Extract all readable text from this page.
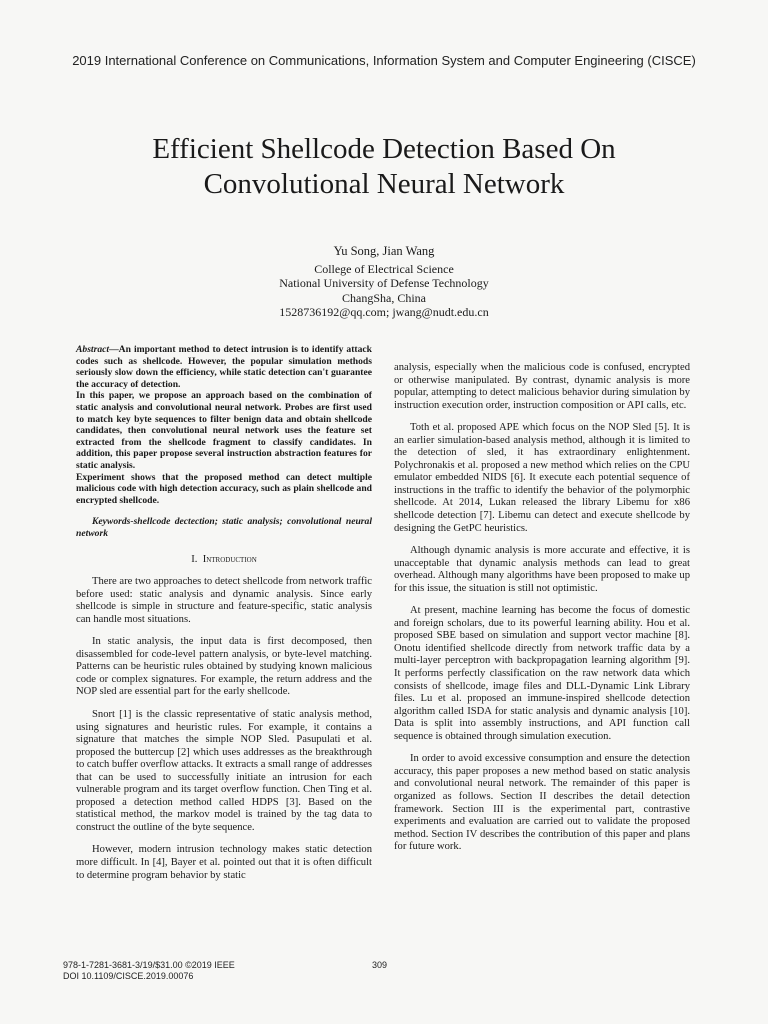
2019 International Conference on Communications, Information System and Computer Engineering (CISCE)
Efficient Shellcode Detection Based On
Convolutional Neural Network
Yu Song, Jian Wang
College of Electrical Science
National University of Defense Technology
ChangSha, China
1528736192@qq.com; jwang@nudt.edu.cn

Abstract—An important method to detect intrusion is to identify attack codes such as shellcode. However, the popular simulation methods seriously slow down the efficiency, while static detection can't guarantee the accuracy of detection.

In this paper, we propose an approach based on the combination of static analysis and convolutional neural network. Probes are first used to match key byte sequences to filter benign data and obtain shellcode candidates, then convolutional neural network uses the feature set extracted from the shellcode fragment to classify candidates. In addition, this paper propose several instruction abstraction features for static analysis.

Experiment shows that the proposed method can detect multiple malicious code with high detection accuracy, such as plain shellcode and encrypted shellcode.

Keywords-shellcode dectection; static analysis; convolutional neural network

I. Introduction

There are two approaches to detect shellcode from network traffic before used: static analysis and dynamic analysis. Since early shellcode is simple in structure and feature-specific, static analysis can handle most situations.

In static analysis, the input data is first decomposed, then disassembled for code-level pattern analysis, or byte-level matching. Patterns can be heuristic rules obtained by studying known malicious code or complex signatures. For example, the return address and the NOP sled are essential part for the early shellcode.

Snort [1] is the classic representative of static analysis method, using signatures and heuristic rules. For example, it contains a signature that matches the simple NOP Sled. Pasupulati et al. proposed the buttercup [2] which uses addresses as the breakthrough to catch buffer overflow attacks. It extracts a small range of addresses that can be used to successfully initiate an intrusion for each vulnerable program and its target overflow function. Chen Ting et al. proposed a detection method called HDPS [3]. Based on the statistical method, the markov model is trained by the tag data to construct the outline of the byte sequence.

However, modern intrusion technology makes static detection more difficult. In [4], Bayer et al. pointed out that it is often difficult to determine program behavior by static

analysis, especially when the malicious code is confused, encrypted or otherwise manipulated. By contrast, dynamic analysis is more popular, attempting to detect malicious behavior during simulation by instruction execution order, instruction composition or API calls, etc.

Toth et al. proposed APE which focus on the NOP Sled [5]. It is an earlier simulation-based analysis method, although it is limited to the detection of sled, it has extraordinary enlightenment. Polychronakis et al. proposed a new method which relies on the CPU emulator embedded NIDS [6]. It execute each potential sequence of instructions in the traffic to identify the behavior of the polymorphic shellcode. At 2014, Lukan released the library Libemu for x86 shellcode detection [7]. Libemu can detect and execute shellcode by designing the GetPC heuristics.

Although dynamic analysis is more accurate and effective, it is unacceptable that dynamic analysis methods can lead to great overhead. Although many algorithms have been proposed to make up for this issue, the situation is still not optimistic.

At present, machine learning has become the focus of domestic and foreign scholars, due to its powerful learning ability. Hou et al. proposed SBE based on simulation and support vector machine [8]. Onotu identified shellcode directly from network traffic data by a multi-layer perceptron with backpropagation learning algorithm [9]. It performs perfectly classification on the raw network data which consists of shellcode, image files and DLL-Dynamic Link Library files. Lu et al. proposed an immune-inspired shellcode detection algorithm called ISDA for static analysis and dynamic analysis [10]. Data is split into assembly instructions, and API function call sequence is obtained through simulation execution.

In order to avoid excessive consumption and ensure the detection accuracy, this paper proposes a new method based on static analysis and convolutional neural network. The remainder of this paper is organized as follows. Section II describes the detail detection framework. Section III is the experimental part, contrastive experiments and evaluation are carried out to validate the proposed method. Section IV describes the contribution of this paper and plans for future work.

978-1-7281-3681-3/19/$31.00 ©2019 IEEE
DOI 10.1109/CISCE.2019.00076
309
